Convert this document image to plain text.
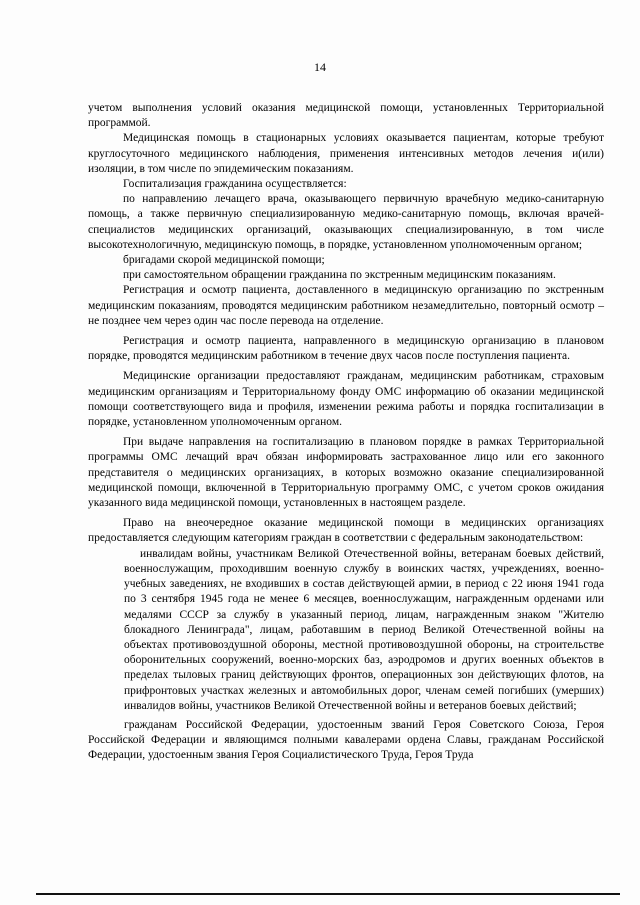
14

учетом выполнения условий оказания медицинской помощи, установленных Территориальной программой.

Медицинская помощь в стационарных условиях оказывается пациентам, которые требуют круглосуточного медицинского наблюдения, применения интенсивных методов лечения и(или) изоляции, в том числе по эпидемическим показаниям.

Госпитализация гражданина осуществляется:

по направлению лечащего врача, оказывающего первичную врачебную медико-санитарную помощь, а также первичную специализированную медико-санитарную помощь, включая врачей-специалистов медицинских организаций, оказывающих специализированную, в том числе высокотехнологичную, медицинскую помощь, в порядке, установленном уполномоченным органом;

бригадами скорой медицинской помощи;

при самостоятельном обращении гражданина по экстренным медицинским показаниям.

Регистрация и осмотр пациента, доставленного в медицинскую организацию по экстренным медицинским показаниям, проводятся медицинским работником незамедлительно, повторный осмотр – не позднее чем через один час после перевода на отделение.

Регистрация и осмотр пациента, направленного в медицинскую организацию в плановом порядке, проводятся медицинским работником в течение двух часов после поступления пациента.

Медицинские организации предоставляют гражданам, медицинским работникам, страховым медицинским организациям и Территориальному фонду ОМС информацию об оказании медицинской помощи соответствующего вида и профиля, изменении режима работы и порядка госпитализации в порядке, установленном уполномоченным органом.

При выдаче направления на госпитализацию в плановом порядке в рамках Территориальной программы ОМС лечащий врач обязан информировать застрахованное лицо или его законного представителя о медицинских организациях, в которых возможно оказание специализированной медицинской помощи, включенной в Территориальную программу ОМС, с учетом сроков ожидания указанного вида медицинской помощи, установленных в настоящем разделе.

Право на внеочередное оказание медицинской помощи в медицинских организациях предоставляется следующим категориям граждан в соответствии с федеральным законодательством:

инвалидам войны, участникам Великой Отечественной войны, ветеранам боевых действий, военнослужащим, проходившим военную службу в воинских частях, учреждениях, военно-учебных заведениях, не входивших в состав действующей армии, в период с 22 июня 1941 года по 3 сентября 1945 года не менее 6 месяцев, военнослужащим, награжденным орденами или медалями СССР за службу в указанный период, лицам, награжденным знаком "Жителю блокадного Ленинграда", лицам, работавшим в период Великой Отечественной войны на объектах противовоздушной обороны, местной противовоздушной обороны, на строительстве оборонительных сооружений, военно-морских баз, аэродромов и других военных объектов в пределах тыловых границ действующих фронтов, операционных зон действующих флотов, на прифронтовых участках железных и автомобильных дорог, членам семей погибших (умерших) инвалидов войны, участников Великой Отечественной войны и ветеранов боевых действий;

гражданам Российской Федерации, удостоенным званий Героя Советского Союза, Героя Российской Федерации и являющимся полными кавалерами ордена Славы, гражданам Российской Федерации, удостоенным звания Героя Социалистического Труда, Героя Труда
